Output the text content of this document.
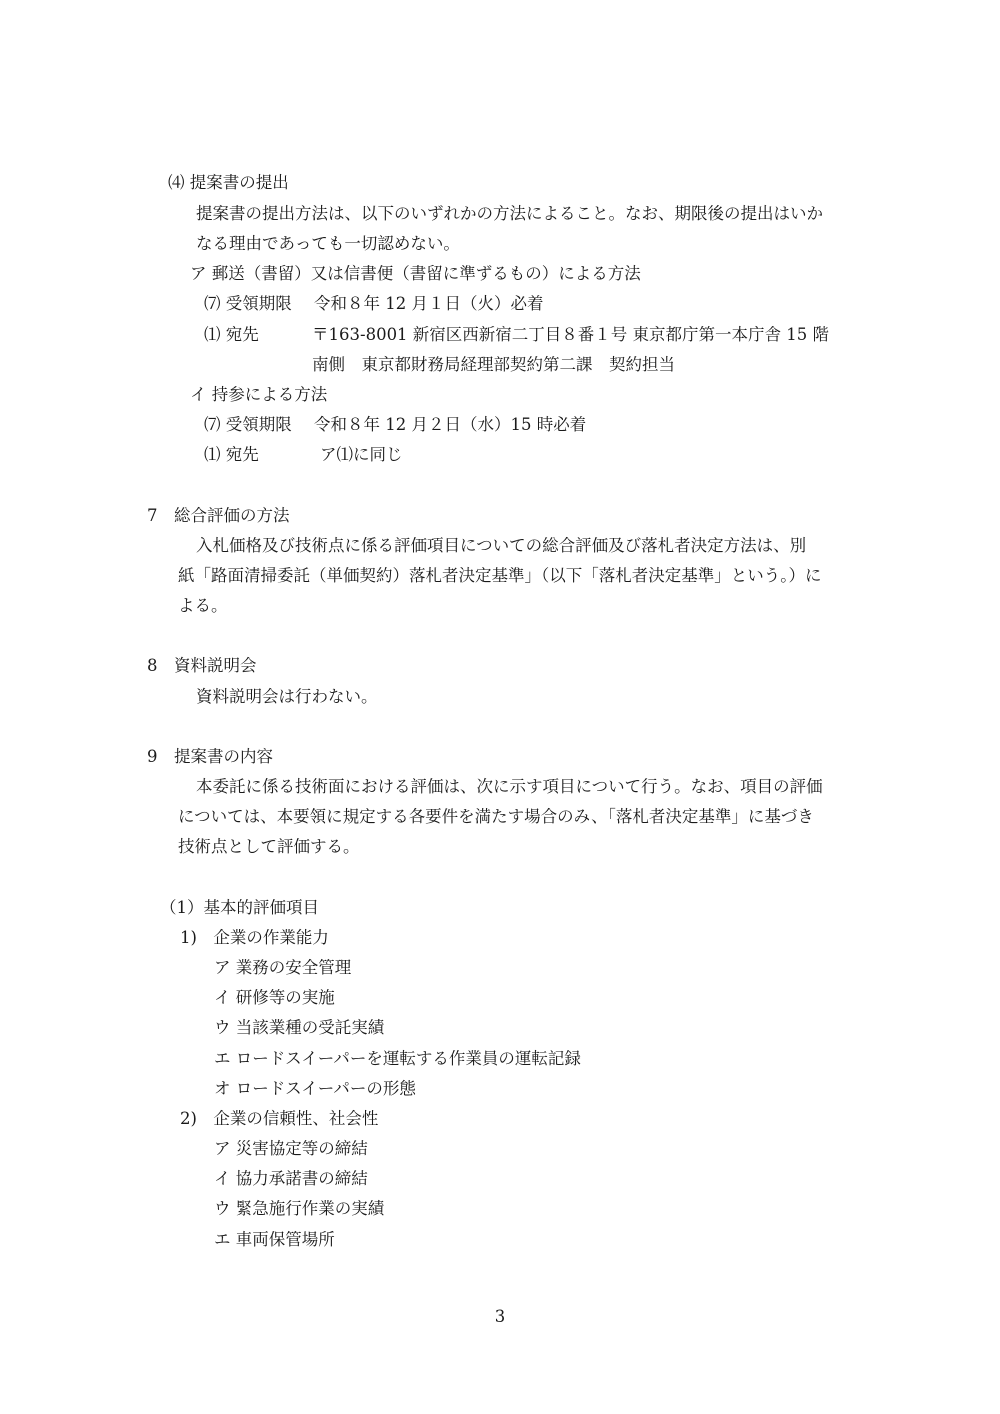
⑷ 提案書の提出

提案書の提出方法は、以下のいずれかの方法によること。なお、期限後の提出はいか

なる理由であっても一切認めない。

ア 郵送（書留）又は信書便（書留に準ずるもの）による方法

⑺ 受領期限 令和８年 12 月１日（火）必着

⑴ 宛先	〒163-8001 新宿区西新宿二丁目８番１号 東京都庁第一本庁舎 15 階

南側　東京都財務局経理部契約第二課　契約担当

イ 持参による方法

⑺ 受領期限 令和８年 12 月２日（水）15 時必着

⑴ 宛先	ア⑴に同じ

7　総合評価の方法

入札価格及び技術点に係る評価項目についての総合評価及び落札者決定方法は、別

紙「路面清掃委託（単価契約）落札者決定基準」（以下「落札者決定基準」という。）に

よる。

8　資料説明会

資料説明会は行わない。

9　提案書の内容

本委託に係る技術面における評価は、次に示す項目について行う。なお、項目の評価

については、本要領に規定する各要件を満たす場合のみ、「落札者決定基準」に基づき

技術点として評価する。

（1）基本的評価項目

1)　企業の作業能力

ア 業務の安全管理

イ 研修等の実施

ウ 当該業種の受託実績

エ ロードスイーパーを運転する作業員の運転記録

オ ロードスイーパーの形態

2)　企業の信頼性、社会性

ア 災害協定等の締結

イ 協力承諾書の締結

ウ 緊急施行作業の実績

エ 車両保管場所

3
